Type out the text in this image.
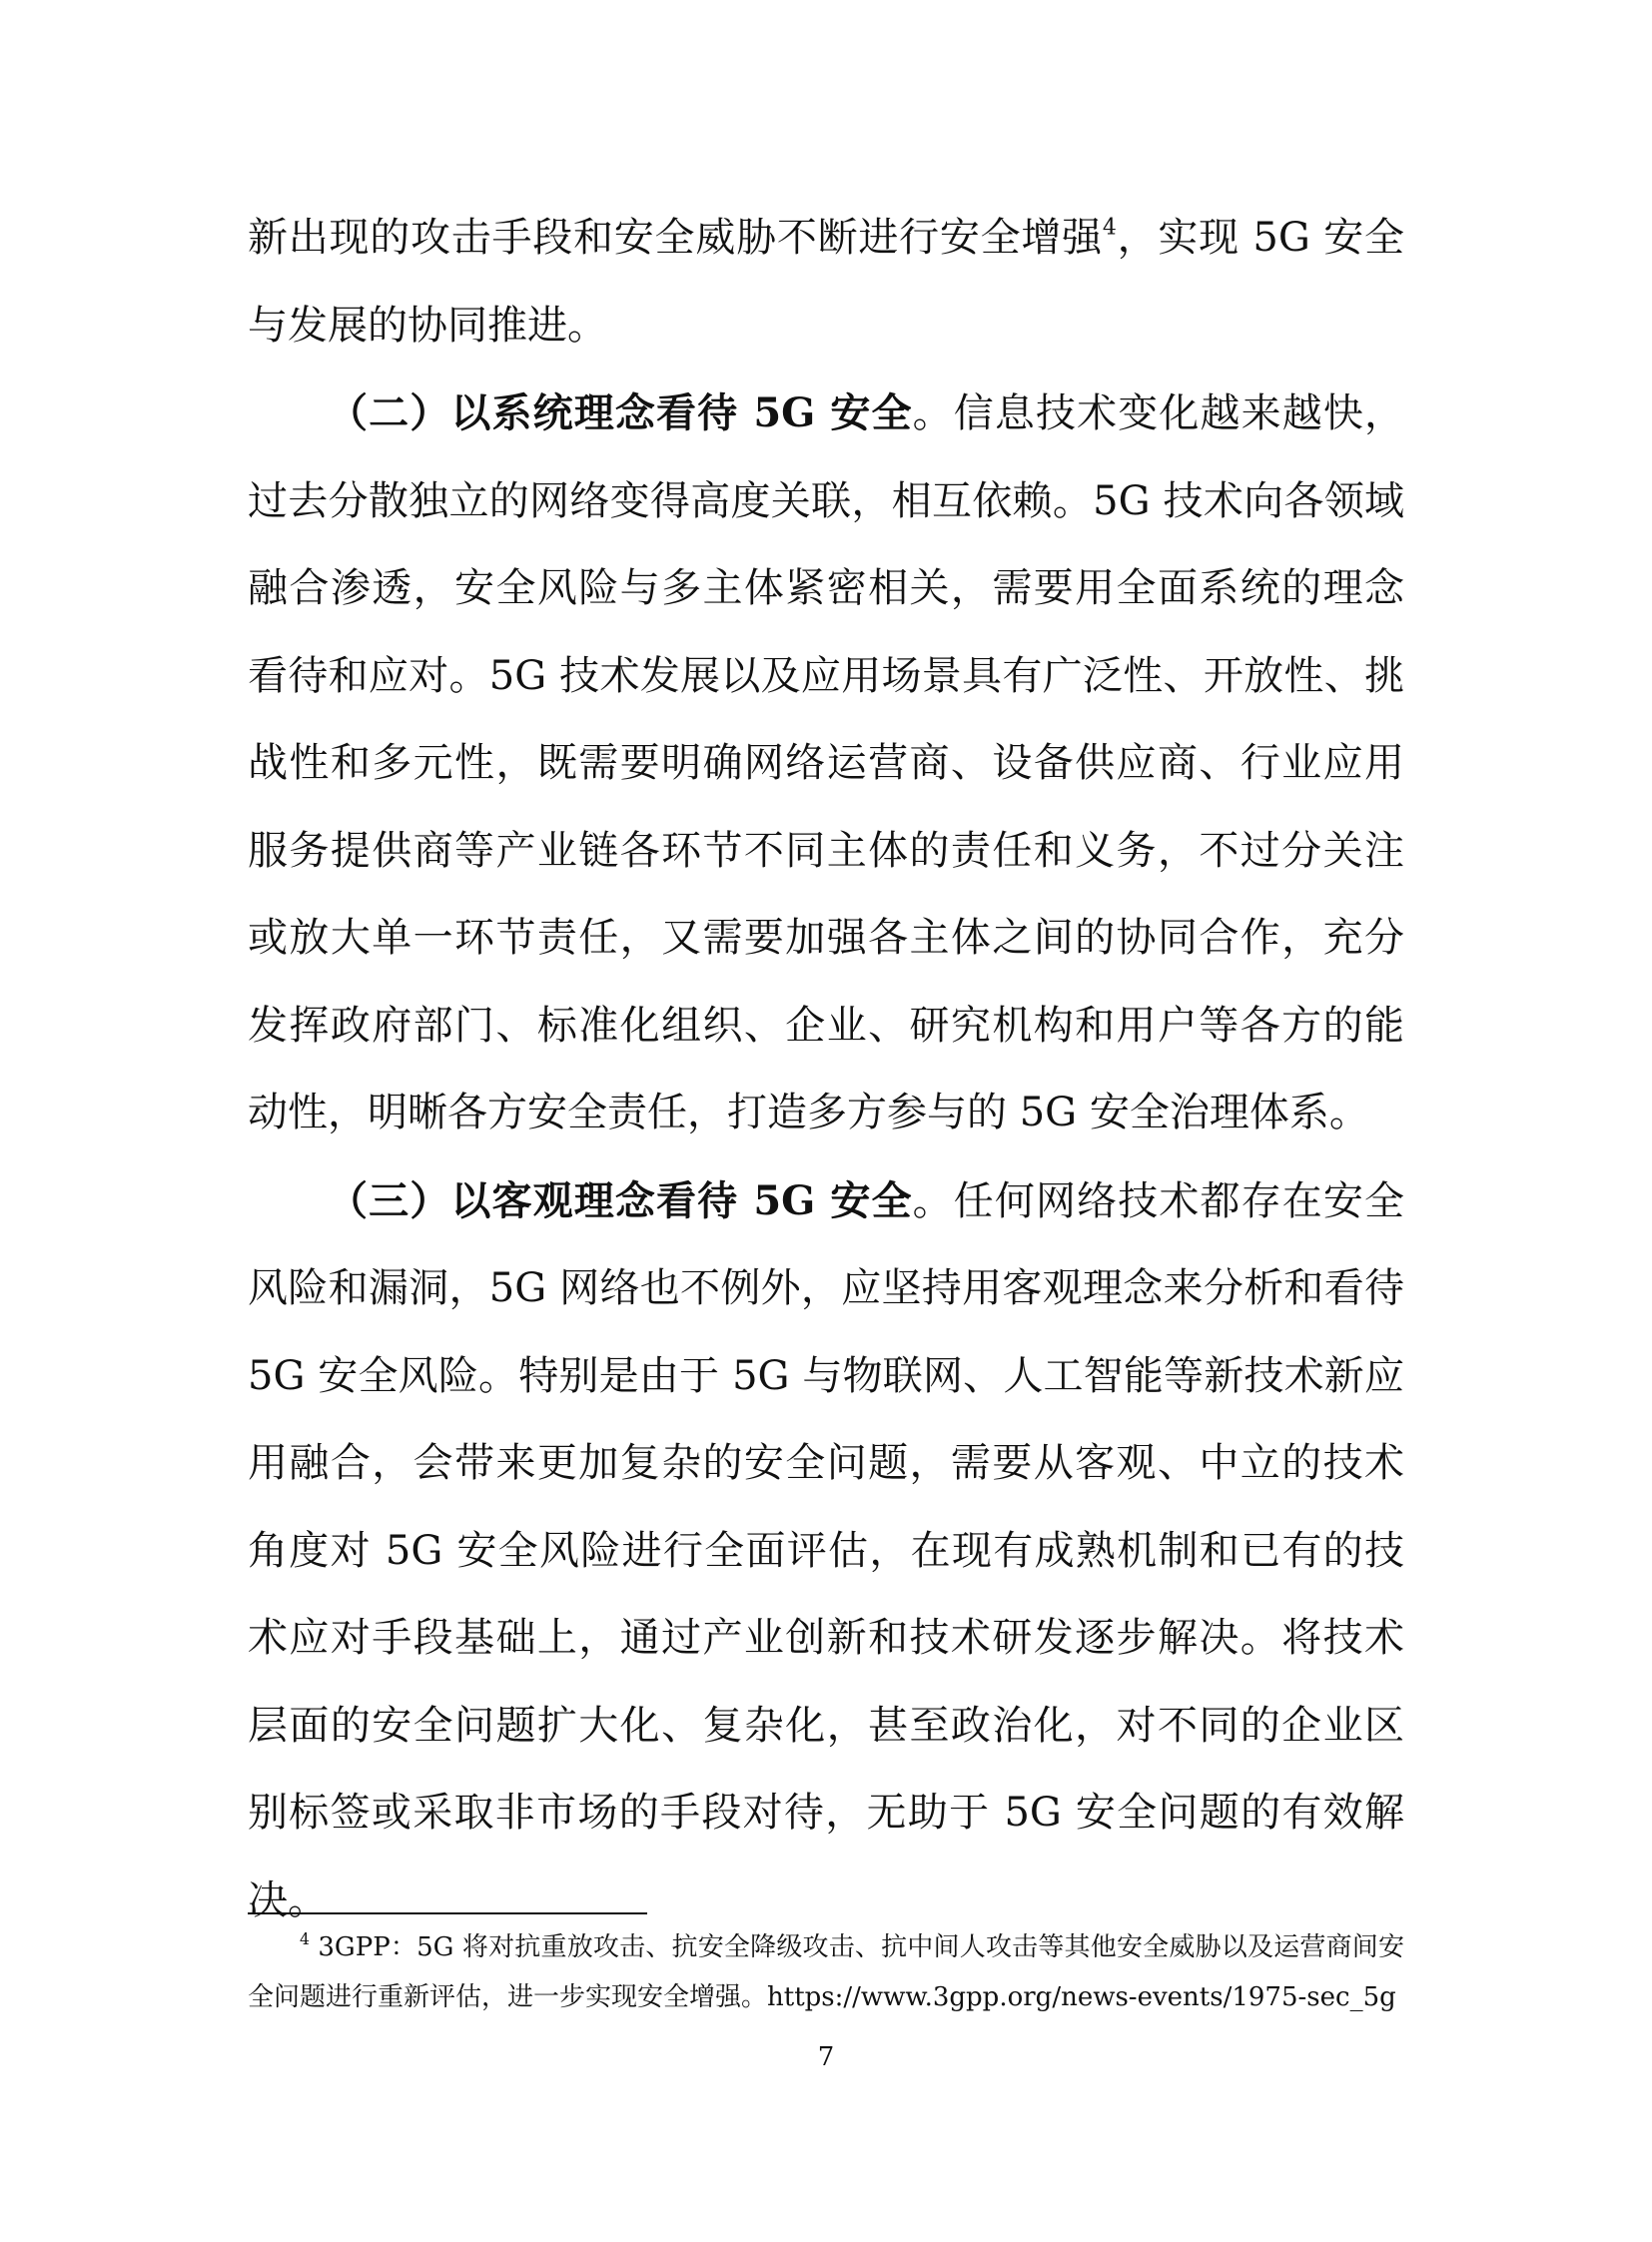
新出现的攻击手段和安全威胁不断进行安全增强$^4$，实现 5G 安全与发展的协同推进。

（二）以系统理念看待 5G 安全。信息技术变化越来越快，过去分散独立的网络变得高度关联，相互依赖。5G 技术向各领域融合渗透，安全风险与多主体紧密相关，需要用全面系统的理念看待和应对。5G 技术发展以及应用场景具有广泛性、开放性、挑战性和多元性，既需要明确网络运营商、设备供应商、行业应用服务提供商等产业链各环节不同主体的责任和义务，不过分关注或放大单一环节责任，又需要加强各主体之间的协同合作，充分发挥政府部门、标准化组织、企业、研究机构和用户等各方的能动性，明晰各方安全责任，打造多方参与的 5G 安全治理体系。

（三）以客观理念看待 5G 安全。任何网络技术都存在安全风险和漏洞，5G 网络也不例外，应坚持用客观理念来分析和看待 5G 安全风险。特别是由于 5G 与物联网、人工智能等新技术新应用融合，会带来更加复杂的安全问题，需要从客观、中立的技术角度对 5G 安全风险进行全面评估，在现有成熟机制和已有的技术应对手段基础上，通过产业创新和技术研发逐步解决。将技术层面的安全问题扩大化、复杂化，甚至政治化，对不同的企业区别标签或采取非市场的手段对待，无助于 5G 安全问题的有效解决。

$^4$ 3GPP：5G 将对抗重放攻击、抗安全降级攻击、抗中间人攻击等其他安全威胁以及运营商间安全问题进行重新评估，进一步实现安全增强。https://www.3gpp.org/news-events/1975-sec_5g
7
